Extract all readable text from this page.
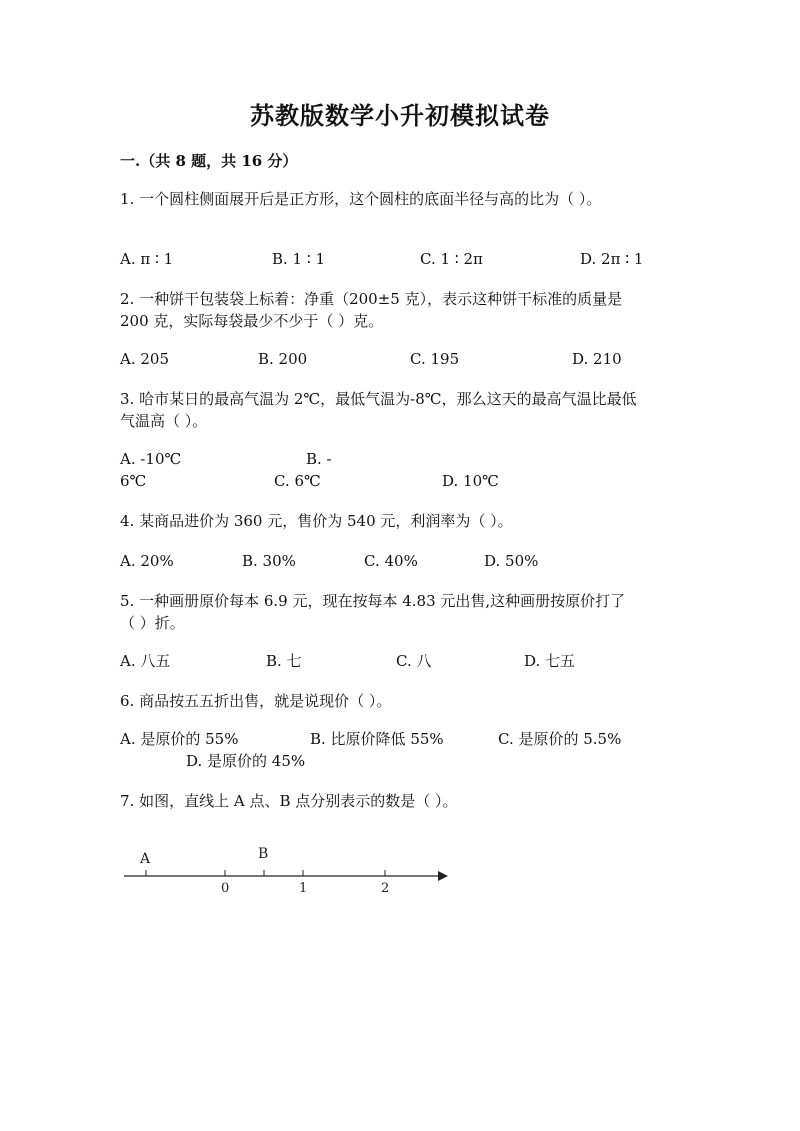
苏教版数学小升初模拟试卷
一.（共 8 题，共 16 分）
1. 一个圆柱侧面展开后是正方形，这个圆柱的底面半径与高的比为（ ）。
A. π ∶ 1	B. 1 ∶ 1	C. 1 ∶ 2π	D. 2π ∶ 1
2. 一种饼干包装袋上标着：净重（200±5 克），表示这种饼干标准的质量是
200 克，实际每袋最少不少于（ ）克。
A. 205	B. 200	C. 195	D. 210
3. 哈市某日的最高气温为 2℃，最低气温为-8℃，那么这天的最高气温比最低
气温高（ ）。
A. -10℃	B. -
6℃	C. 6℃	D. 10℃
4. 某商品进价为 360 元，售价为 540 元，利润率为（ ）。
A. 20%	B. 30%	C. 40%	D. 50%
5. 一种画册原价每本 6.9 元，现在按每本 4.83 元出售,这种画册按原价打了
（ ）折。
A. 八五	B. 七	C. 八	D. 七五
6. 商品按五五折出售，就是说现价（ ）。
A. 是原价的 55%	B. 比原价降低 55%	C. 是原价的 5.5%
D. 是原价的 45%
7. 如图，直线上 A 点、B 点分别表示的数是（ ）。
A	B
0	1	2
